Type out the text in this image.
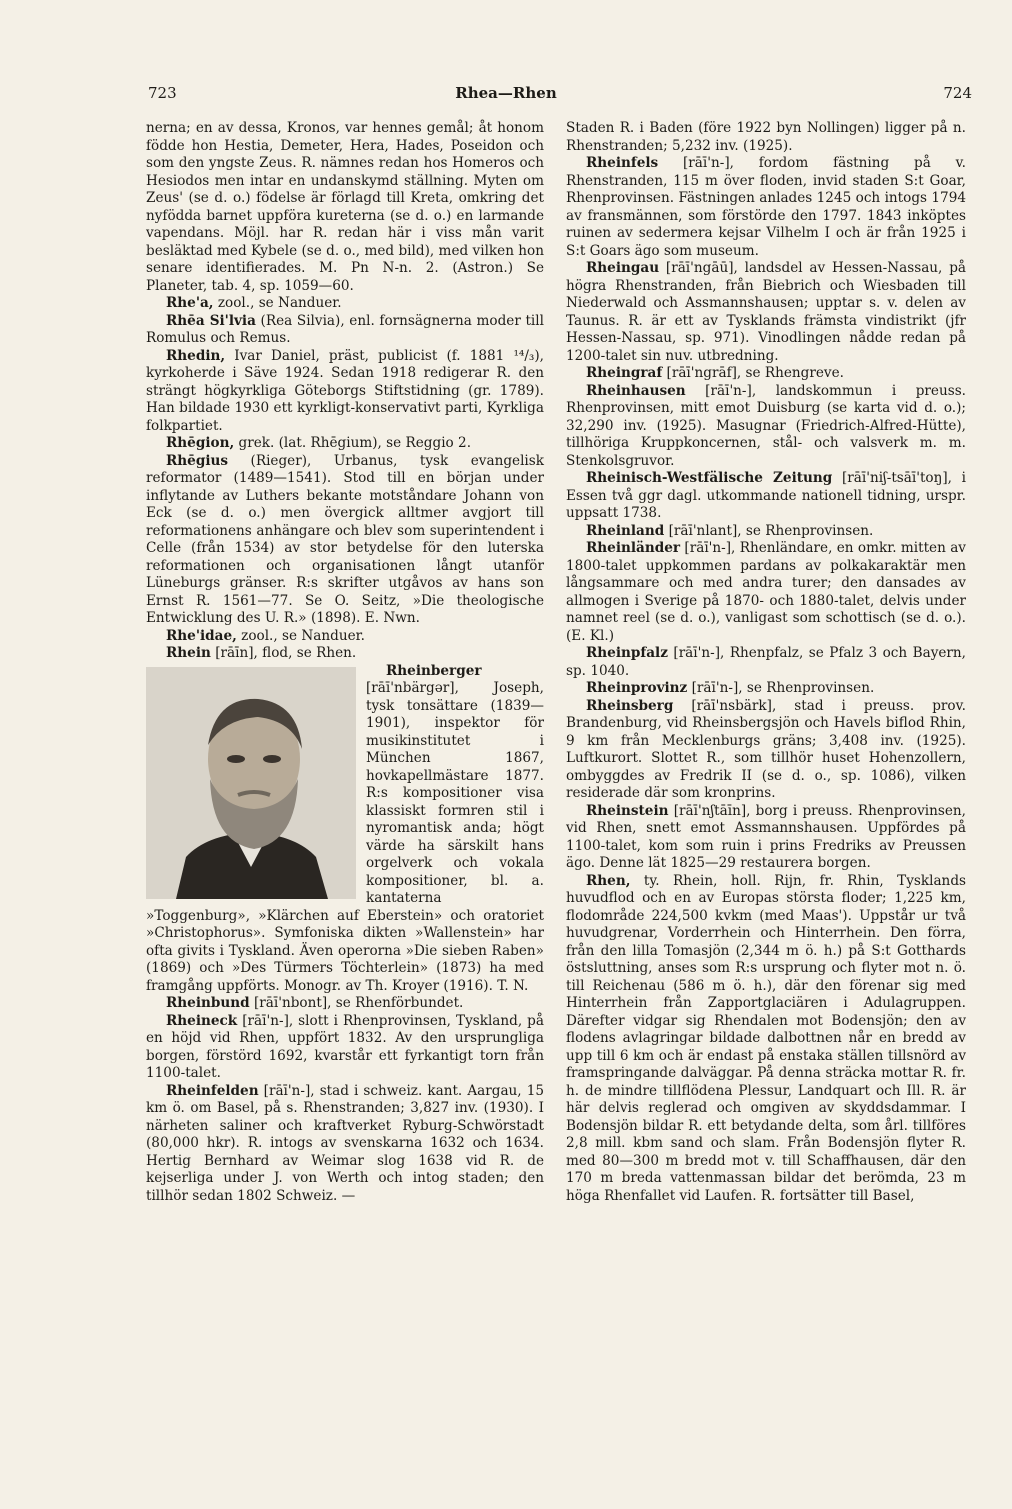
723	Rhea—Rhen	724

nerna; en av dessa, Kronos, var hennes gemål; åt honom födde hon Hestia, Demeter, Hera, Hades, Poseidon och som den yngste Zeus. R. nämnes redan hos Homeros och Hesiodos men intar en undanskymd ställning. Myten om Zeus' (se d. o.) födelse är förlagd till Kreta, omkring det nyfödda barnet uppföra kureterna (se d. o.) en larmande vapendans. Möjl. har R. redan här i viss mån varit besläktad med Kybele (se d. o., med bild), med vilken hon senare identifierades. M. Pn N-n. 2. (Astron.) Se Planeter, tab. 4, sp. 1059—60.

Rhe'a, zool., se Nanduer.

Rhēa Si'lvia (Rea Silvia), enl. fornsägnerna moder till Romulus och Remus.

Rhedin, Ivar Daniel, präst, publicist (f. 1881 ¹⁴/₃), kyrkoherde i Säve 1924. Sedan 1918 redigerar R. den strängt högkyrkliga Göteborgs Stiftstidning (gr. 1789). Han bildade 1930 ett kyrkligt-konservativt parti, Kyrkliga folkpartiet.

Rhēgion, grek. (lat. Rhēgium), se Reggio 2.

Rhēgius (Rieger), Urbanus, tysk evangelisk reformator (1489—1541). Stod till en början under inflytande av Luthers bekante motståndare Johann von Eck (se d. o.) men övergick alltmer avgjort till reformationens anhängare och blev som superintendent i Celle (från 1534) av stor betydelse för den luterska reformationen och organisationen långt utanför Lüneburgs gränser. R:s skrifter utgåvos av hans son Ernst R. 1561—77. Se O. Seitz, »Die theologische Entwicklung des U. R.» (1898). E. Nwn.

Rhe'idae, zool., se Nanduer.

Rhein [rāīn], flod, se Rhen.

Rheinberger [rāī'nbärgər], Joseph, tysk tonsättare (1839—1901), inspektor för musikinstitutet i München 1867, hovkapellmästare 1877. R:s kompositioner visa klassiskt formren stil i nyromantisk anda; högt värde ha särskilt hans orgelverk och vokala kompositioner, bl. a. kantaterna »Toggenburg», »Klärchen auf Eberstein» och oratoriet »Christophorus». Symfoniska dikten »Wallenstein» har ofta givits i Tyskland. Även operorna »Die sieben Raben» (1869) och »Des Türmers Töchterlein» (1873) ha med framgång uppförts. Monogr. av Th. Kroyer (1916). T. N.

Rheinbund [rāī'nbont], se Rhenförbundet.

Rheineck [rāī'n-], slott i Rhenprovinsen, Tyskland, på en höjd vid Rhen, uppfört 1832. Av den ursprungliga borgen, förstörd 1692, kvarstår ett fyrkantigt torn från 1100-talet.

Rheinfelden [rāī'n-], stad i schweiz. kant. Aargau, 15 km ö. om Basel, på s. Rhenstranden; 3,827 inv. (1930). I närheten saliner och kraftverket Ryburg-Schwörstadt (80,000 hkr). R. intogs av svenskarna 1632 och 1634. Hertig Bernhard av Weimar slog 1638 vid R. de kejserliga under J. von Werth och intog staden; den tillhör sedan 1802 Schweiz. —

Staden R. i Baden (före 1922 byn Nollingen) ligger på n. Rhenstranden; 5,232 inv. (1925).

Rheinfels [rāī'n-], fordom fästning på v. Rhenstranden, 115 m över floden, invid staden S:t Goar, Rhenprovinsen. Fästningen anlades 1245 och intogs 1794 av fransmännen, som förstörde den 1797. 1843 inköptes ruinen av sedermera kejsar Vilhelm I och är från 1925 i S:t Goars ägo som museum.

Rheingau [rāī'ngāū], landsdel av Hessen-Nassau, på högra Rhenstranden, från Biebrich och Wiesbaden till Niederwald och Assmannshausen; upptar s. v. delen av Taunus. R. är ett av Tysklands främsta vindistrikt (jfr Hessen-Nassau, sp. 971). Vinodlingen nådde redan på 1200-talet sin nuv. utbredning.

Rheingraf [rāī'ngrāf], se Rhengreve.

Rheinhausen [rāī'n-], landskommun i preuss. Rhenprovinsen, mitt emot Duisburg (se karta vid d. o.); 32,290 inv. (1925). Masugnar (Friedrich-Alfred-Hütte), tillhöriga Kruppkoncernen, stål- och valsverk m. m. Stenkolsgruvor.

Rheinisch-Westfälische Zeitung [rāī'niʃ-tsāī'toŋ], i Essen två ggr dagl. utkommande nationell tidning, urspr. uppsatt 1738.

Rheinland [rāī'nlant], se Rhenprovinsen.

Rheinländer [rāī'n-], Rhenländare, en omkr. mitten av 1800-talet uppkommen pardans av polkakaraktär men långsammare och med andra turer; den dansades av allmogen i Sverige på 1870- och 1880-talet, delvis under namnet reel (se d. o.), vanligast som schottisch (se d. o.). (E. Kl.)

Rheinpfalz [rāī'n-], Rhenpfalz, se Pfalz 3 och Bayern, sp. 1040.

Rheinprovinz [rāī'n-], se Rhenprovinsen.

Rheinsberg [rāī'nsbärk], stad i preuss. prov. Brandenburg, vid Rheinsbergsjön och Havels biflod Rhin, 9 km från Mecklenburgs gräns; 3,408 inv. (1925). Luftkurort. Slottet R., som tillhör huset Hohenzollern, ombyggdes av Fredrik II (se d. o., sp. 1086), vilken residerade där som kronprins.

Rheinstein [rāī'nʃtāīn], borg i preuss. Rhenprovinsen, vid Rhen, snett emot Assmannshausen. Uppfördes på 1100-talet, kom som ruin i prins Fredriks av Preussen ägo. Denne lät 1825—29 restaurera borgen.

Rhen, ty. Rhein, holl. Rijn, fr. Rhin, Tysklands huvudflod och en av Europas största floder; 1,225 km, flodområde 224,500 kvkm (med Maas'). Uppstår ur två huvudgrenar, Vorderrhein och Hinterrhein. Den förra, från den lilla Tomasjön (2,344 m ö. h.) på S:t Gotthards östsluttning, anses som R:s ursprung och flyter mot n. ö. till Reichenau (586 m ö. h.), där den förenar sig med Hinterrhein från Zapportglaciären i Adulagruppen. Därefter vidgar sig Rhendalen mot Bodensjön; den av flodens avlagringar bildade dalbottnen når en bredd av upp till 6 km och är endast på enstaka ställen tillsnörd av framspringande dalväggar. På denna sträcka mottar R. fr. h. de mindre tillflödena Plessur, Landquart och Ill. R. är här delvis reglerad och omgiven av skyddsdammar. I Bodensjön bildar R. ett betydande delta, som årl. tillföres 2,8 mill. kbm sand och slam. Från Bodensjön flyter R. med 80—300 m bredd mot v. till Schaffhausen, där den 170 m breda vattenmassan bildar det berömda, 23 m höga Rhenfallet vid Laufen. R. fortsätter till Basel,
